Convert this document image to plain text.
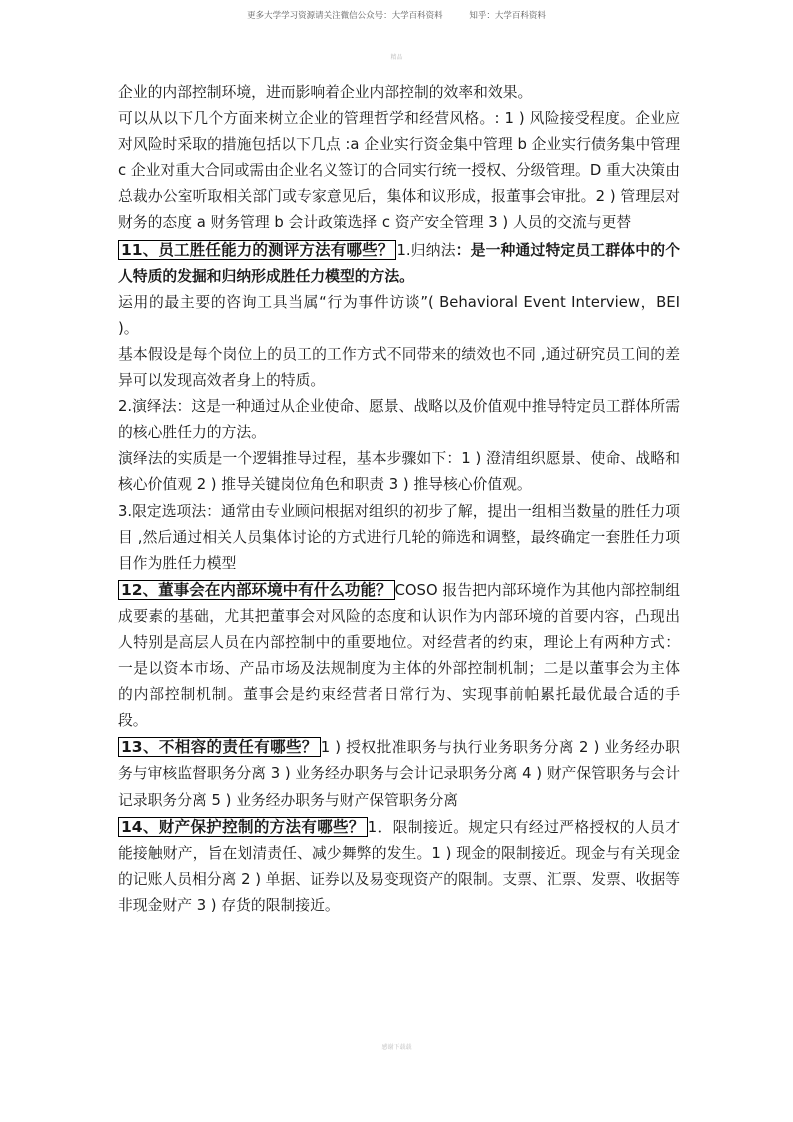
更多大学学习资源请关注微信公众号：大学百科资料	知乎：大学百科资料
精品

企业的内部控制环境，进而影响着企业内部控制的效率和效果。

可以从以下几个方面来树立企业的管理哲学和经营风格。: 1 ) 风险接受程度。企业应对风险时采取的措施包括以下几点 :a 企业实行资金集中管理 b 企业实行债务集中管理 c 企业对重大合同或需由企业名义签订的合同实行统一授权、分级管理。D 重大决策由总裁办公室听取相关部门或专家意见后，集体和议形成，报董事会审批。2 ) 管理层对财务的态度 a 财务管理 b 会计政策选择 c 资产安全管理 3 ) 人员的交流与更替

11、员工胜任能力的测评方法有哪些？ 1.归纳法：是一种通过特定员工群体中的个人特质的发掘和归纳形成胜任力模型的方法。

运用的最主要的咨询工具当属“行为事件访谈”( Behavioral Event Interview，BEI )。

基本假设是每个岗位上的员工的工作方式不同带来的绩效也不同 ,通过研究员工间的差异可以发现高效者身上的特质。

2.演绎法：这是一种通过从企业使命、愿景、战略以及价值观中推导特定员工群体所需的核心胜任力的方法。

演绎法的实质是一个逻辑推导过程，基本步骤如下：1 ) 澄清组织愿景、使命、战略和核心价值观 2 ) 推导关键岗位角色和职责 3 ) 推导核心价值观。

3.限定选项法：通常由专业顾问根据对组织的初步了解，提出一组相当数量的胜任力项目 ,然后通过相关人员集体讨论的方式进行几轮的筛选和调整，最终确定一套胜任力项目作为胜任力模型

12、董事会在内部环境中有什么功能？ COSO 报告把内部环境作为其他内部控制组成要素的基础，尤其把董事会对风险的态度和认识作为内部环境的首要内容，凸现出人特别是高层人员在内部控制中的重要地位。对经营者的约束，理论上有两种方式：一是以资本市场、产品市场及法规制度为主体的外部控制机制；二是以董事会为主体的内部控制机制。董事会是约束经营者日常行为、实现事前帕累托最优最合适的手段。

13、不相容的责任有哪些？ 1 ) 授权批准职务与执行业务职务分离 2 ) 业务经办职务与审核监督职务分离 3 ) 业务经办职务与会计记录职务分离 4 ) 财产保管职务与会计记录职务分离 5 ) 业务经办职务与财产保管职务分离

14、财产保护控制的方法有哪些？ 1．限制接近。规定只有经过严格授权的人员才能接触财产，旨在划清责任、减少舞弊的发生。1 ) 现金的限制接近。现金与有关现金的记账人员相分离 2 ) 单据、证券以及易变现资产的限制。支票、汇票、发票、收据等非现金财产 3 ) 存货的限制接近。

感谢下载载
